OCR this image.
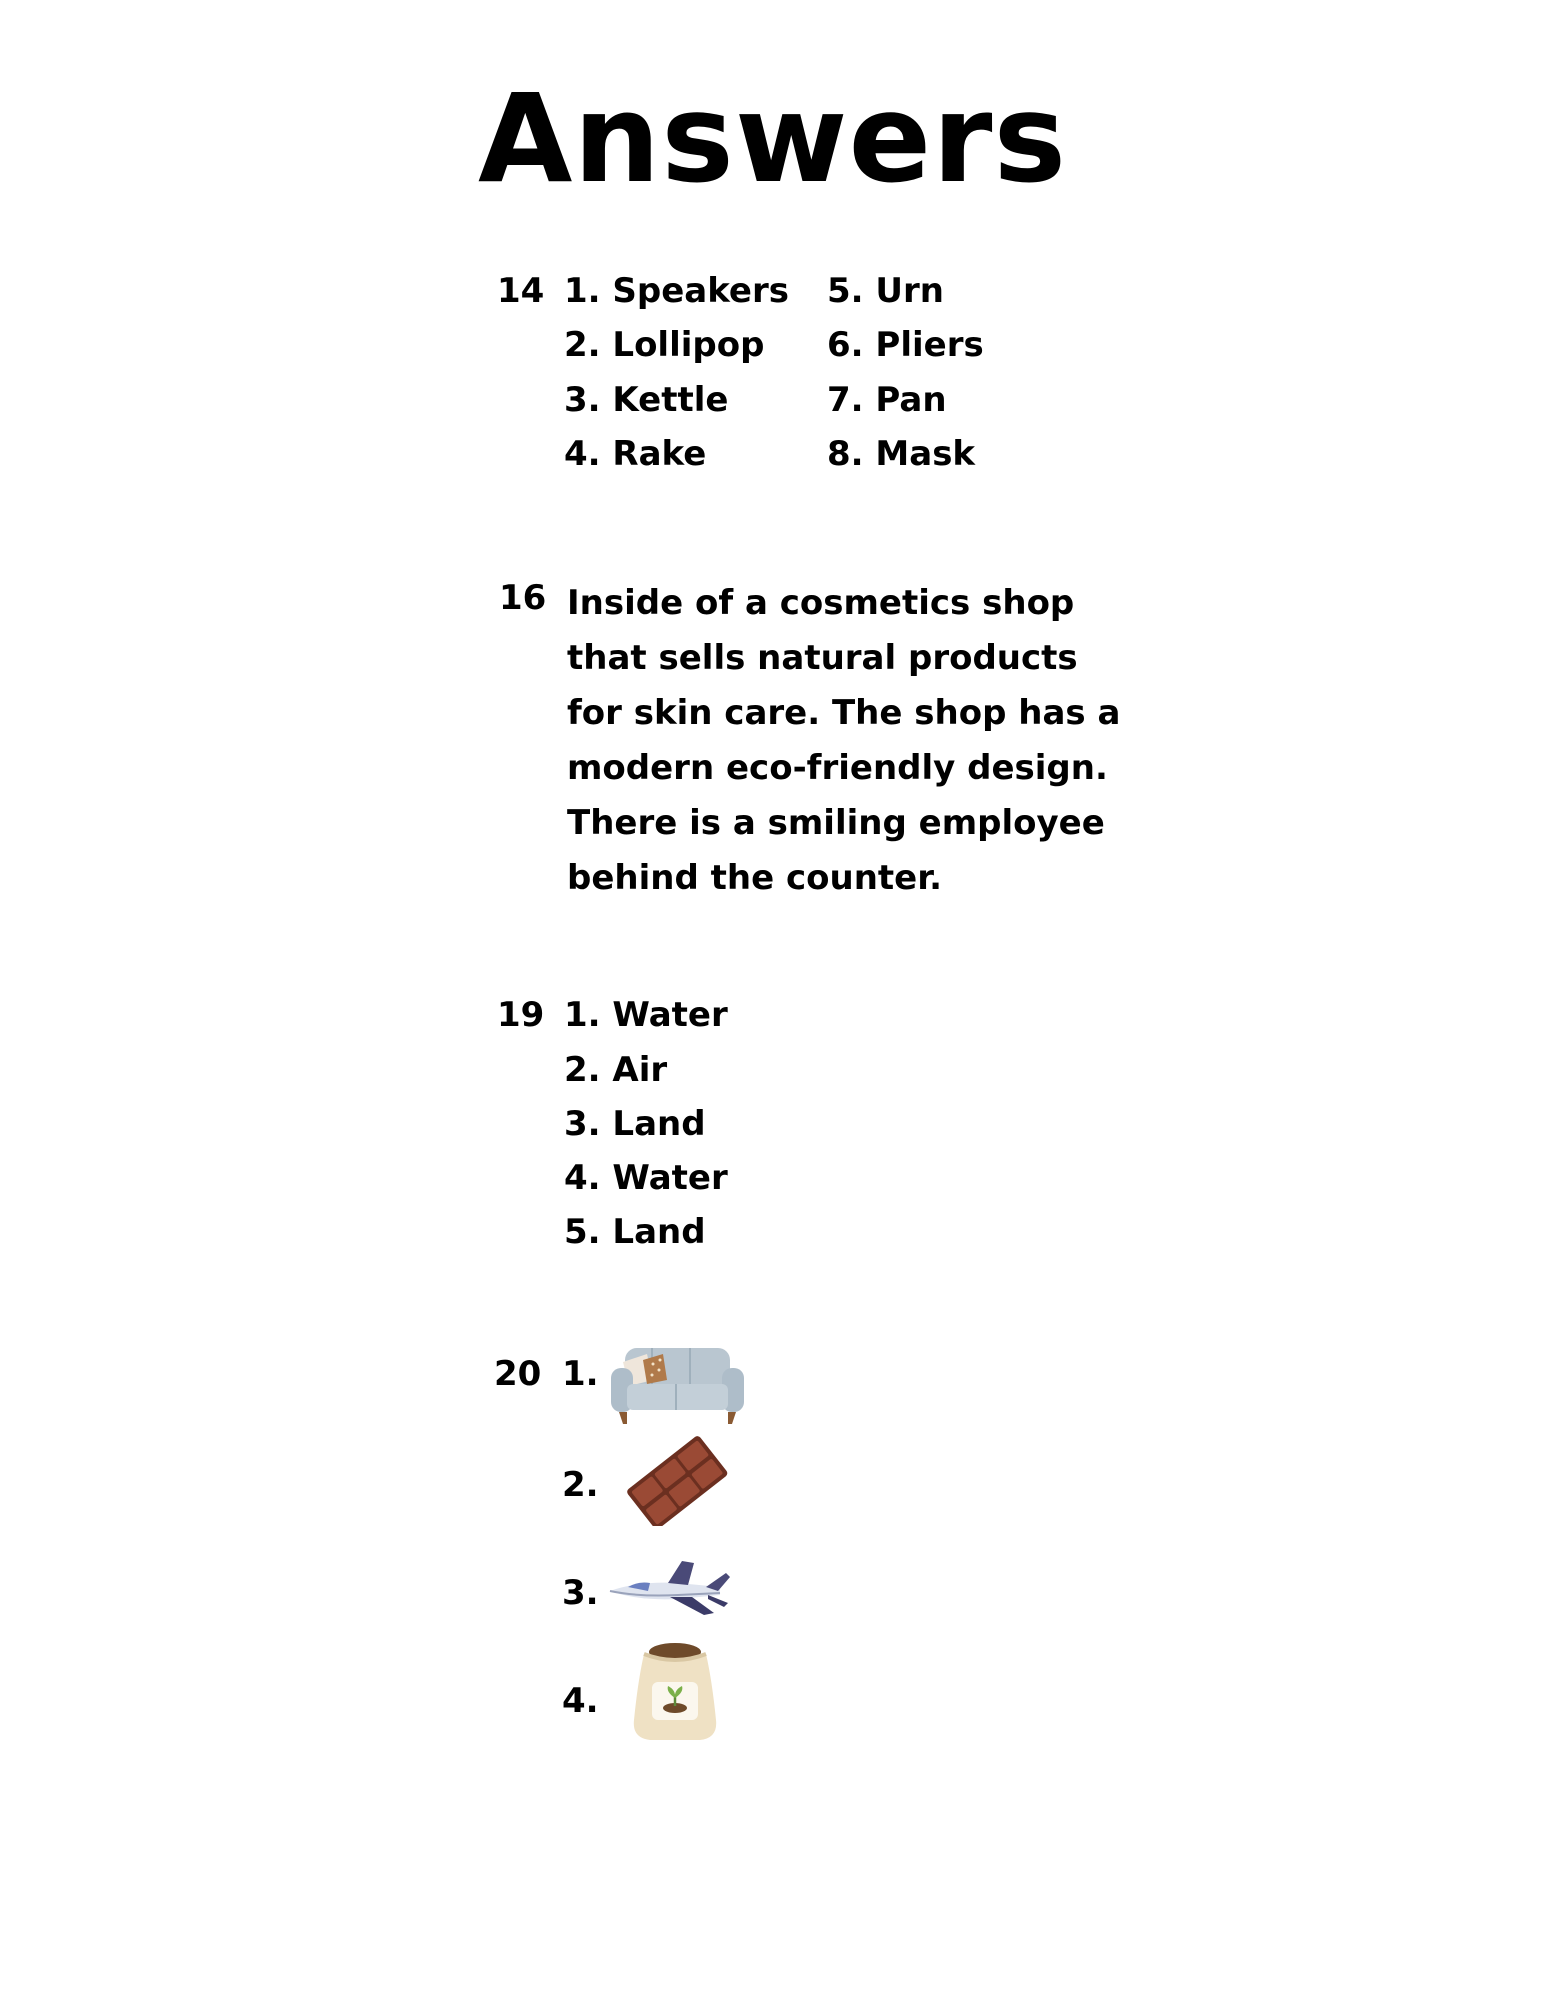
Answers
14 1. Speakers
2. Lollipop
3. Kettle
4. Rake
5. Urn
6. Pliers
7. Pan
8. Mask
16 Inside of a cosmetics shop that sells natural products for skin care. The shop has a modern eco-friendly design. There is a smiling employee behind the counter.

19 1. Water
2. Air
3. Land
4. Water
5. Land
20 1.
2.
3.
4.
